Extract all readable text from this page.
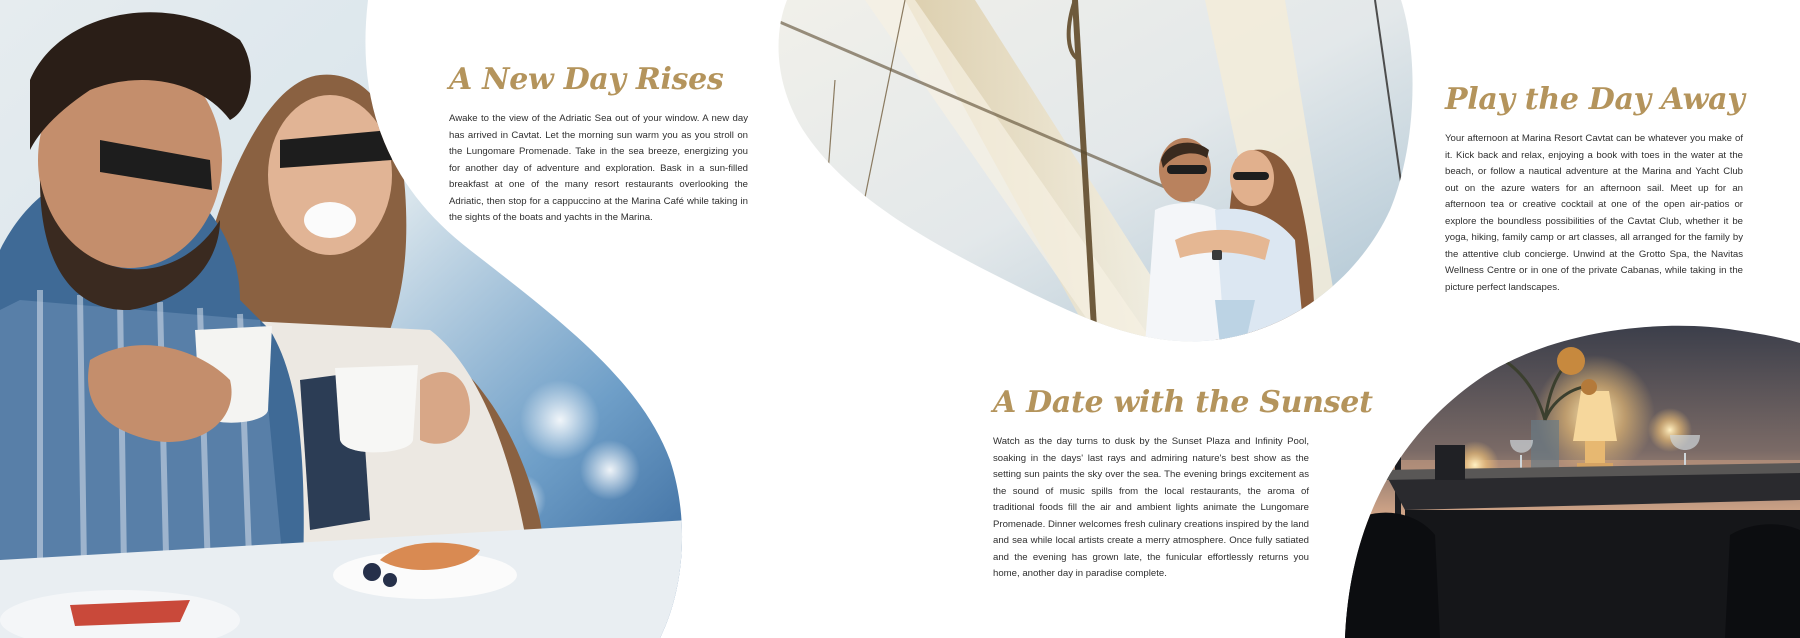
A New Day Rises

Awake to the view of the Adriatic Sea out of your window. A new day has arrived in Cavtat. Let the morning sun warm you as you stroll on the Lungomare Promenade. Take in the sea breeze, energizing you for another day of adventure and exploration. Bask in a sun-filled breakfast at one of the many resort restaurants overlooking the Adriatic, then stop for a cappuccino at the Marina Café while taking in the sights of the boats and yachts in the Marina.

Play the Day Away

Your afternoon at Marina Resort Cavtat can be whatever you make of it. Kick back and relax, enjoying a book with toes in the water at the beach, or follow a nautical adventure at the Marina and Yacht Club out on the azure waters for an afternoon sail. Meet up for an afternoon tea or creative cocktail at one of the open air-patios or explore the boundless possibilities of the Cavtat Club, whether it be yoga, hiking, family camp or art classes, all arranged for the family by the attentive club concierge. Unwind at the Grotto Spa, the Navitas Wellness Centre or in one of the private Cabanas, while taking in the picture perfect landscapes.

A Date with the Sunset

Watch as the day turns to dusk by the Sunset Plaza and Infinity Pool, soaking in the days' last rays and admiring nature's best show as the setting sun paints the sky over the sea. The evening brings excitement as the sound of music spills from the local restaurants, the aroma of traditional foods fill the air and ambient lights animate the Lungomare Promenade. Dinner welcomes fresh culinary creations inspired by the land and sea while local artists create a merry atmosphere. Once fully satiated and the evening has grown late, the funicular effortlessly returns you home, another day in paradise complete.
